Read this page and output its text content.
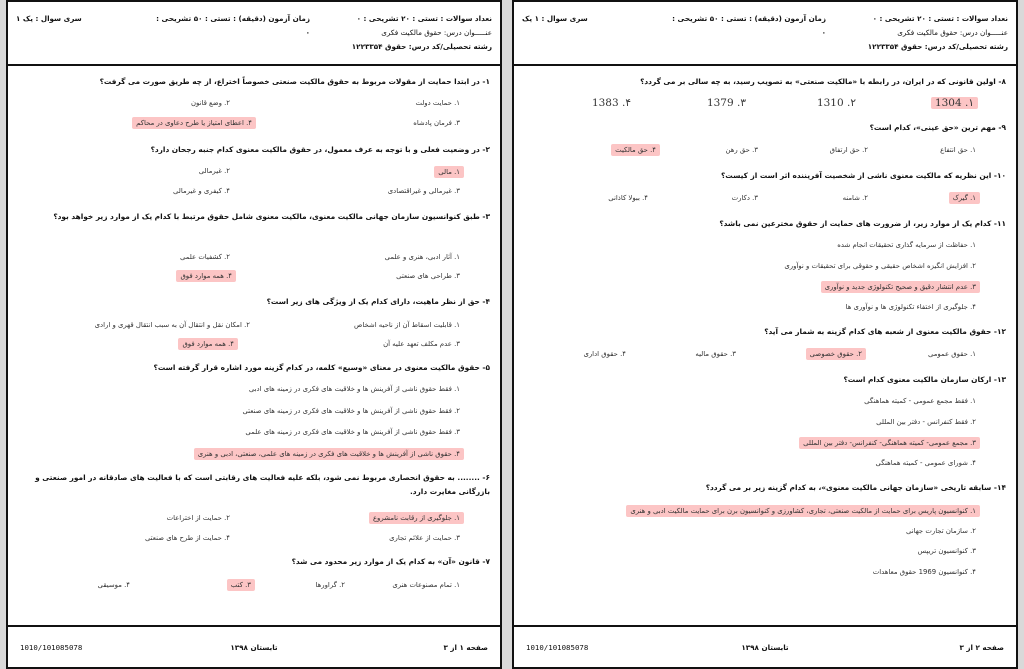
نعداد سوالات : تستی : ۲۰ تشریحی : ۰
عنـــــوان درس: حقوق مالکیت فکری
رشته تحصیلی/کد درس: حقوق ۱۲۲۳۳۵۴
زمان آزمون (دقیقه) : تستی : ۵۰ تشریحی : ۰
سری سوال : یک ۱
۱- در ابتدا حمایت از مقولات مربوط به حقوق مالکیت صنعتی خصوصاً اختراع، از چه طریق صورت می گرفت؟
۱. حمایت دولت
۲. وضع قانون
۳. فرمان پادشاه
۴. اعطای امتیاز یا طرح دعاوی در محاکم
۲- در وضعیت فعلی و با توجه به عرف معمول، در حقوق مالکیت معنوی کدام جنبه رجحان دارد؟
۱. مالی
۲. غیرمالی
۳. غیرمالی و غیراقتصادی
۴. کیفری و غیرمالی
۳- طبق کنوانسیون سازمان جهانی مالکیت معنوی، مالکیت معنوی شامل حقوق مرتبط با کدام یک از موارد زیر خواهد بود؟
۱. آثار ادبی، هنری و علمی
۲. کشفیات علمی
۳. طراحی های صنعتی
۴. همه موارد فوق
۴- حق از نظر ماهیت، دارای کدام یک از ویژگی های زیر است؟
۱. قابلیت اسقاط آن از ناحیه اشخاص
۲. امکان نقل و انتقال آن به سبب انتقال قهری و ارادی
۳. عدم مکلف تعهد علیه آن
۴. همه موارد فوق
۵- حقوق مالکیت معنوی در معنای «وسیع» کلمه، در کدام گزینه مورد اشاره قرار گرفته است؟
۱. فقط حقوق ناشی از آفرینش ها و خلاقیت های فکری در زمینه های ادبی
۲. فقط حقوق ناشی از آفرینش ها و خلاقیت های فکری در زمینه های صنعتی
۳. فقط حقوق ناشی از آفرینش ها و خلاقیت های فکری در زمینه های علمی
۴. حقوق ناشی از آفرینش ها و خلاقیت های فکری در زمینه های علمی، صنعتی، ادبی و هنری
۶- ........ به حقوق انحصاری مربوط نمی شود، بلکه علیه فعالیت های رقابتی است که با فعالیت های صادقانه در امور صنعتی و بازرگانی مغایرت دارد.
۱. جلوگیری از رقابت نامشروع
۲. حمایت از اختراعات
۳. حمایت از علائم تجاری
۴. حمایت از طرح های صنعتی
۷- قانون «آن» به کدام یک از موارد زیر محدود می شد؟
۱. تمام مصنوعات هنری
۲. گراورها
۳. کتب
۴. موسیقی
صفحه ۱ از ۳
تابستان ۱۳۹۸
1010/101085078
نعداد سوالات : تستی : ۲۰ تشریحی : ۰
عنـــــوان درس: حقوق مالکیت فکری
رشته تحصیلی/کد درس: حقوق ۱۲۲۳۳۵۴
زمان آزمون (دقیقه) : تستی : ۵۰ تشریحی : ۰
سری سوال : ۱ یک
۸- اولین قانونی که در ایران، در رابطه با «مالکیت صنعتی» به تصویب رسید، به چه سالی بر می گردد؟
۱. 1304
۲. 1310
۳. 1379
۴. 1383
۹- مهم ترین «حق عینی»، کدام است؟
۱. حق انتفاع
۲. حق ارتفاق
۳. حق رهن
۴. حق مالکیت
۱۰- این نظریه که مالکیت معنوی ناشی از شخصیت آفریننده اثر است از کیست؟
۱. گیرک
۲. شامنه
۳. دکارت
۴. ببولا کاذانی
۱۱- کدام یک از موارد زیر، از ضرورت های حمایت از حقوق مخترعین نمی باشد؟
۱. حفاظت از سرمایه گذاری تحقیقات انجام شده
۲. افزایش انگیزه اشخاص حقیقی و حقوقی برای تحقیقات و نوآوری
۳. عدم انتشار دقیق و صحیح تکنولوژی جدید و نوآوری
۴. جلوگیری از اختفاء تکنولوژی ها و نوآوری ها
۱۲- حقوق مالکیت معنوی از شعبه های کدام گزینه به شمار می آید؟
۱. حقوق عمومی
۲. حقوق خصوصی
۳. حقوق مالیه
۴. حقوق اداری
۱۳- ارکان سازمان مالکیت معنوی کدام است؟
۱. فقط مجمع عمومی - کمیته هماهنگی
۲. فقط کنفرانس - دفتر بین المللی
۳. مجمع عمومی- کمیته هماهنگی- کنفرانس- دفتر بین المللی
۴. شورای عمومی - کمیته هماهنگی
۱۴- سابقه تاریخی «سازمان جهانی مالکیت معنوی»، به کدام گزینه زیر بر می گردد؟
۱. کنوانسیون پاریس برای حمایت از مالکیت صنعتی، تجاری، کشاورزی و کنوانسیون برن برای حمایت مالکیت ادبی و هنری
۲. سازمان تجارت جهانی
۳. کنوانسیون تریپس
۴. کنوانسیون 1969 حقوق معاهدات
صفحه ۲ از ۳
تابستان ۱۳۹۸
1010/101085078
